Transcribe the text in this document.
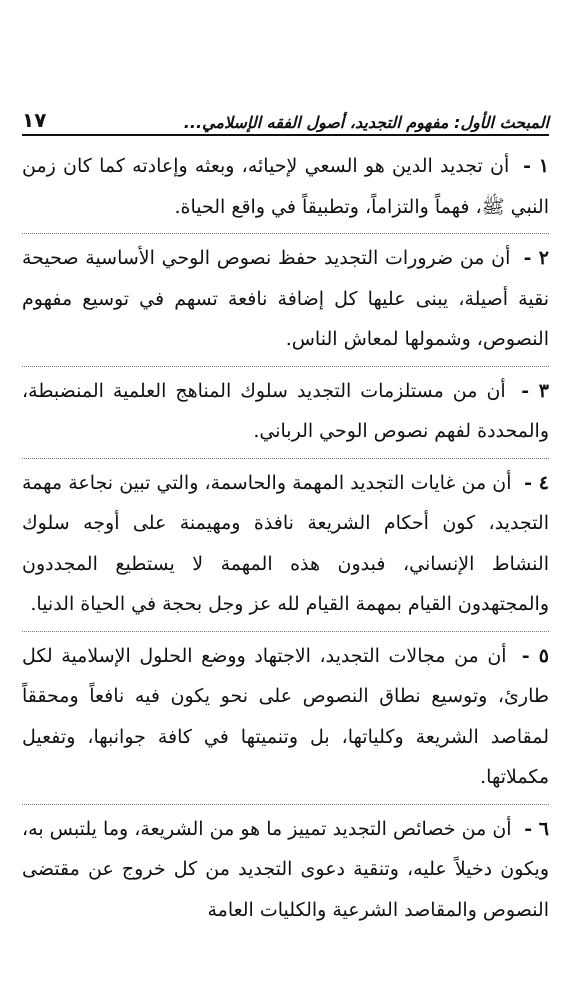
المبحث الأول: مفهوم التجديد، أصول الفقه الإسلامي...
١٧

١ - أن تجديد الدين هو السعي لإحيائه، وبعثه وإعادته كما كان زمن النبي ﷺ، فهماً والتزاماً، وتطبيقاً في واقع الحياة.

٢ - أن من ضرورات التجديد حفظ نصوص الوحي الأساسية صحيحة نقية أصيلة، يبنى عليها كل إضافة نافعة تسهم في توسيع مفهوم النصوص، وشمولها لمعاش الناس.

٣ - أن من مستلزمات التجديد سلوك المناهج العلمية المنضبطة، والمحددة لفهم نصوص الوحي الرباني.

٤ - أن من غايات التجديد المهمة والحاسمة، والتي تبين نجاعة مهمة التجديد، كون أحكام الشريعة نافذة ومهيمنة على أوجه سلوك النشاط الإنساني، فبدون هذه المهمة لا يستطيع المجددون والمجتهدون القيام بمهمة القيام لله عز وجل بحجة في الحياة الدنيا.

٥ - أن من مجالات التجديد، الاجتهاد ووضع الحلول الإسلامية لكل طارئ، وتوسيع نطاق النصوص على نحو يكون فيه نافعاً ومحققاً لمقاصد الشريعة وكلياتها، بل وتنميتها في كافة جوانبها، وتفعيل مكملاتها.

٦ - أن من خصائص التجديد تمييز ما هو من الشريعة، وما يلتبس به، ويكون دخيلاً عليه، وتنقية دعوى التجديد من كل خروج عن مقتضى النصوص والمقاصد الشرعية والكليات العامة
